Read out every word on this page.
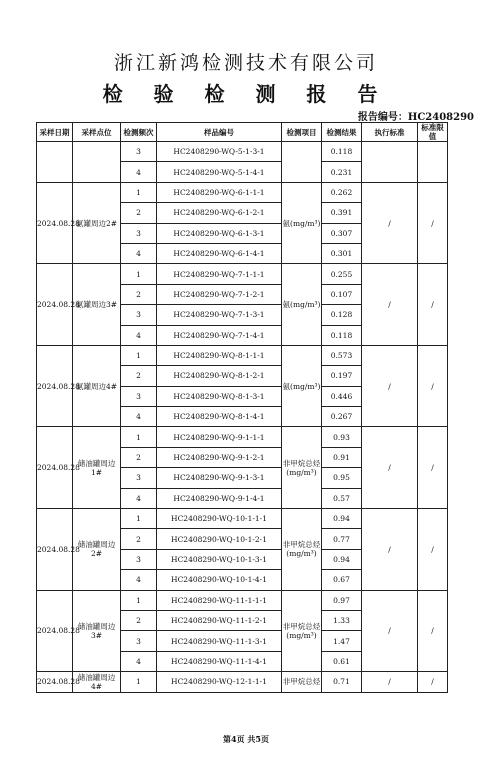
浙江新鸿检测技术有限公司
检 验 检 测 报 告
报告编号：HC2408290
采样日期	采样点位	检测频次	样品编号	检测项目	检测结果	执行标准	标准限值
		3	HC2408290-WQ-5-1-3-1		0.118		
		4	HC2408290-WQ-5-1-4-1		0.231		
2024.08.28	氨罐周边2#	1	HC2408290-WQ-6-1-1-1	氨(mg/m³)	0.262	/	/
		2	HC2408290-WQ-6-1-2-1		0.391		
		3	HC2408290-WQ-6-1-3-1		0.307		
		4	HC2408290-WQ-6-1-4-1		0.301		
2024.08.28	氨罐周边3#	1	HC2408290-WQ-7-1-1-1	氨(mg/m³)	0.255	/	/
		2	HC2408290-WQ-7-1-2-1		0.107		
		3	HC2408290-WQ-7-1-3-1		0.128		
		4	HC2408290-WQ-7-1-4-1		0.118		
2024.08.28	氨罐周边4#	1	HC2408290-WQ-8-1-1-1	氨(mg/m³)	0.573	/	/
		2	HC2408290-WQ-8-1-2-1		0.197		
		3	HC2408290-WQ-8-1-3-1		0.446		
		4	HC2408290-WQ-8-1-4-1		0.267		
2024.08.28	储油罐周边1#	1	HC2408290-WQ-9-1-1-1	非甲烷总烃(mg/m³)	0.93	/	/
		2	HC2408290-WQ-9-1-2-1		0.91		
		3	HC2408290-WQ-9-1-3-1		0.95		
		4	HC2408290-WQ-9-1-4-1		0.57		
2024.08.28	储油罐周边2#	1	HC2408290-WQ-10-1-1-1	非甲烷总烃(mg/m³)	0.94	/	/
		2	HC2408290-WQ-10-1-2-1		0.77		
		3	HC2408290-WQ-10-1-3-1		0.94		
		4	HC2408290-WQ-10-1-4-1		0.67		
2024.08.28	储油罐周边3#	1	HC2408290-WQ-11-1-1-1	非甲烷总烃(mg/m³)	0.97	/	/
		2	HC2408290-WQ-11-1-2-1		1.33		
		3	HC2408290-WQ-11-1-3-1		1.47		
		4	HC2408290-WQ-11-1-4-1		0.61		
2024.08.28	储油罐周边4#	1	HC2408290-WQ-12-1-1-1	非甲烷总烃	0.71	/	/
第4页 共5页
